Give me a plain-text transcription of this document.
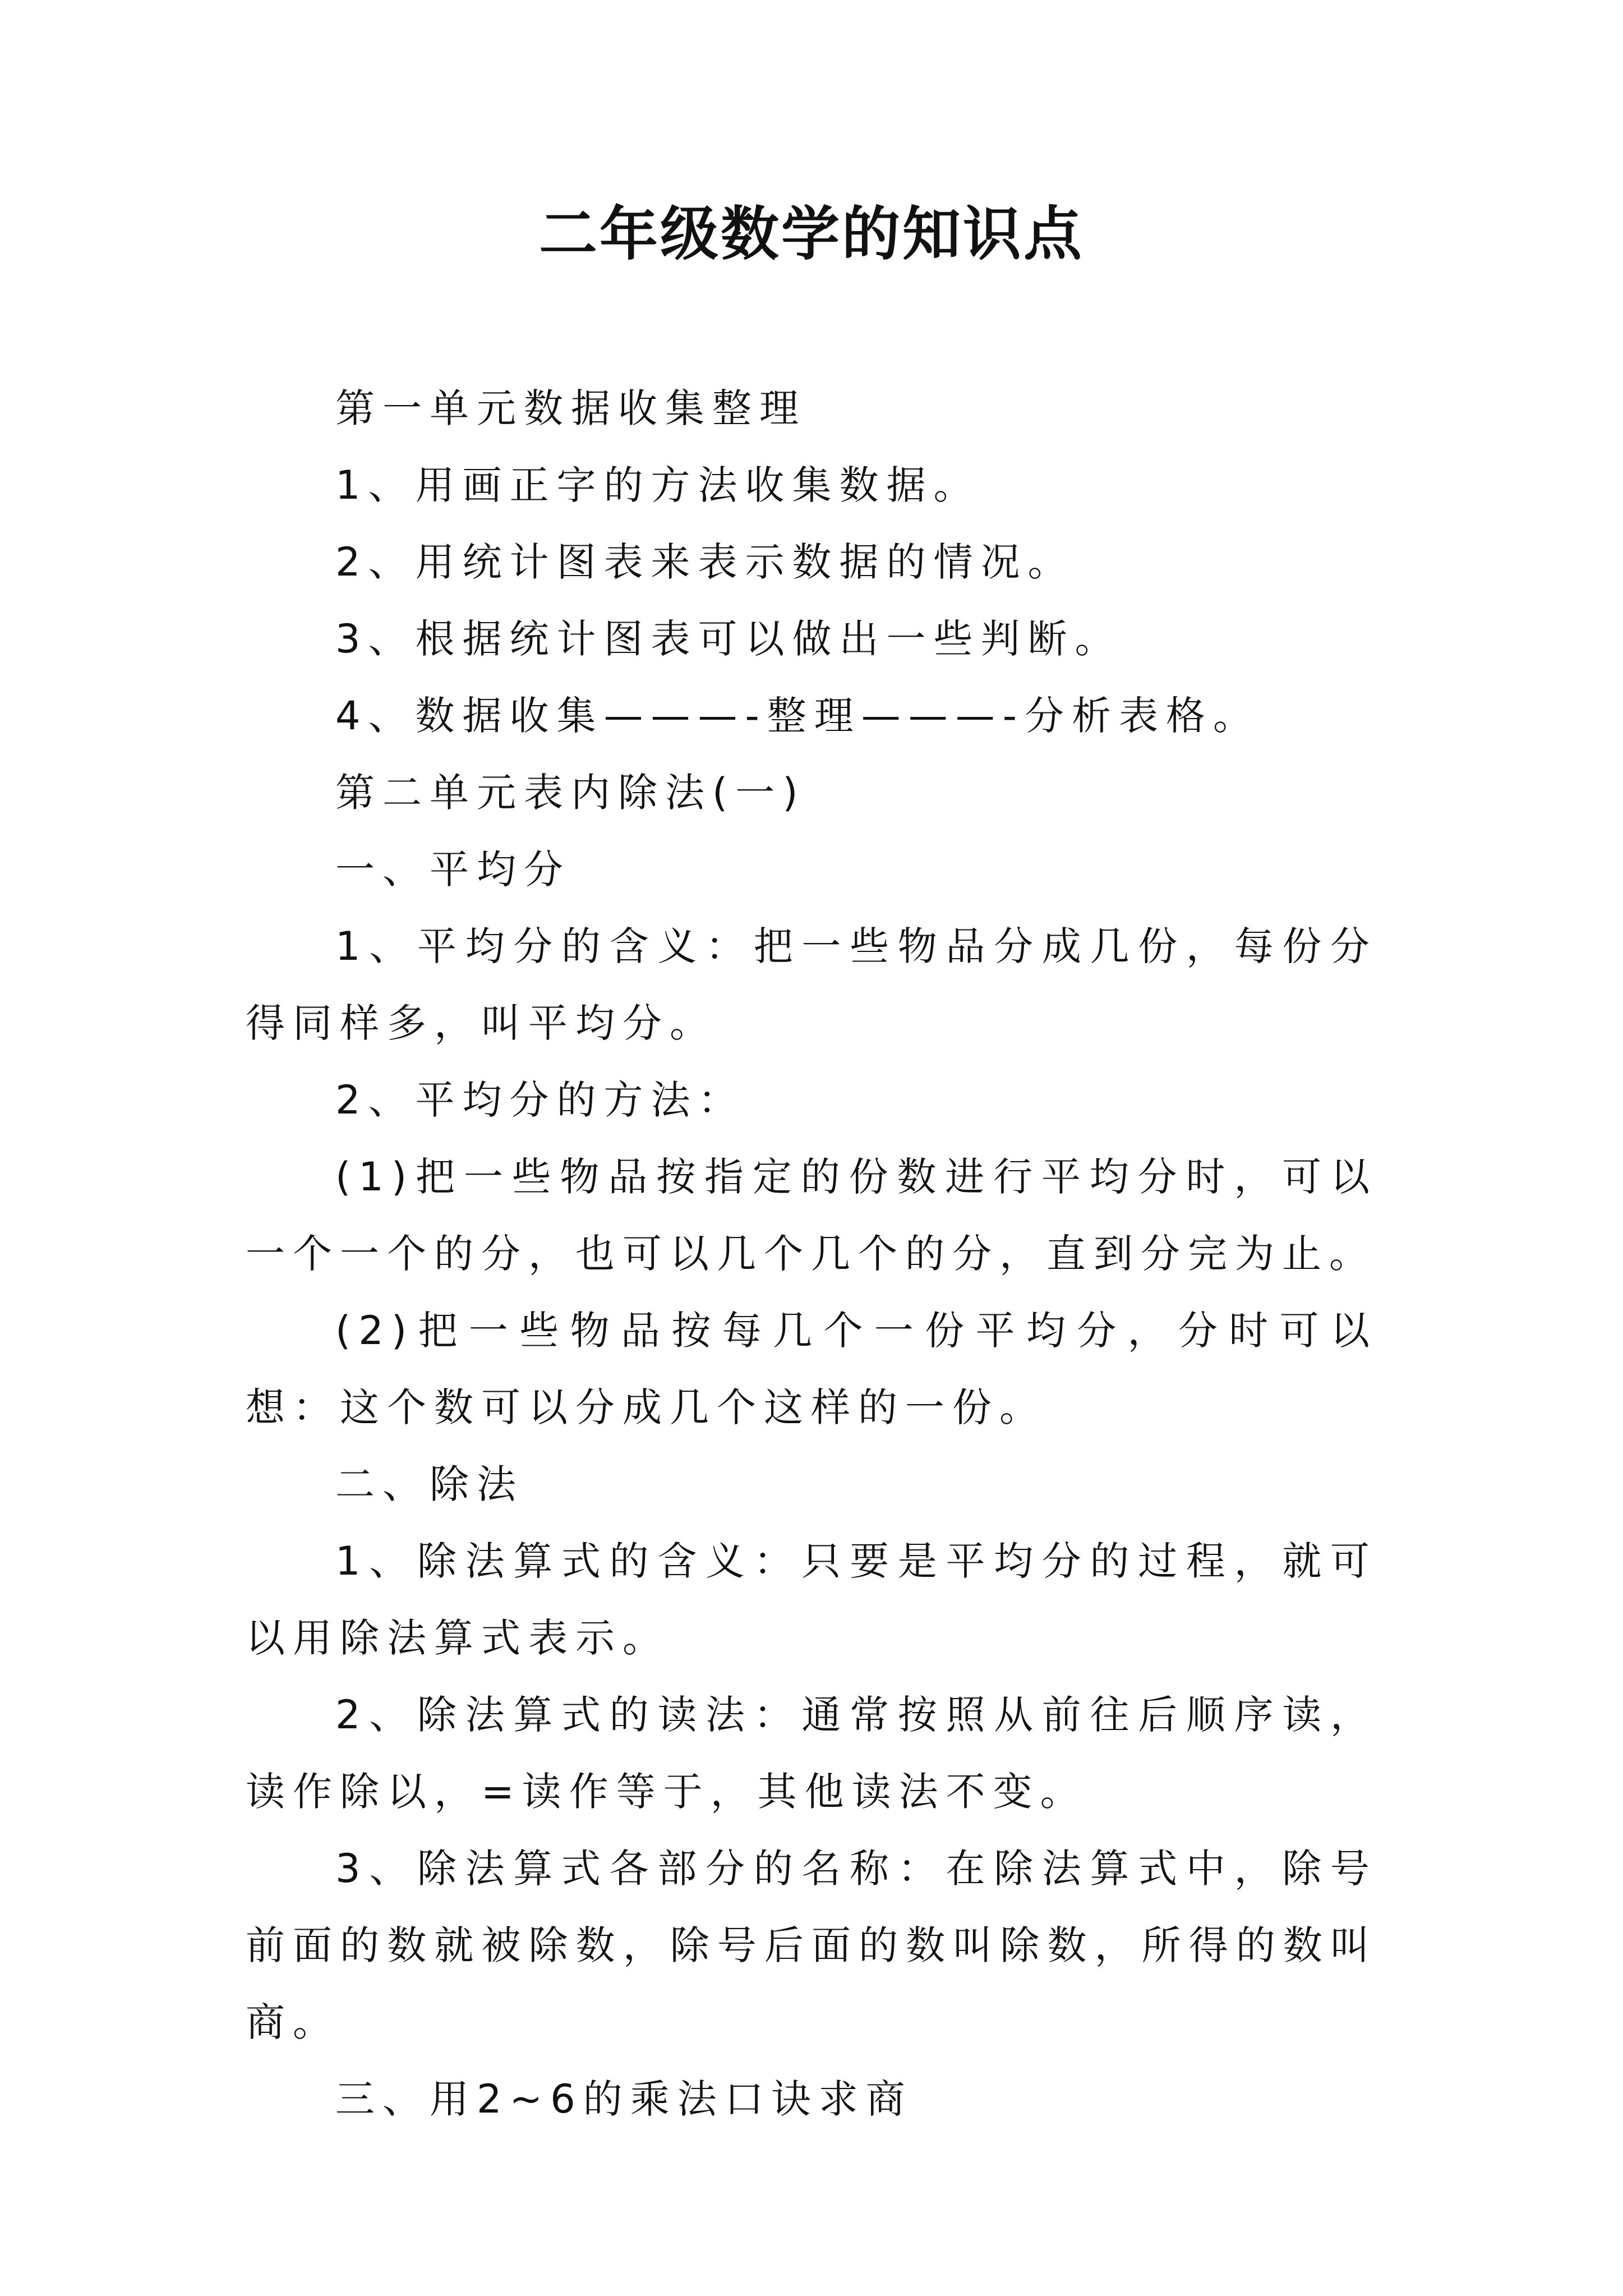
二年级数学的知识点

第一单元数据收集整理

1、用画正字的方法收集数据。

2、用统计图表来表示数据的情况。

3、根据统计图表可以做出一些判断。

4、数据收集———-整理———-分析表格。

第二单元表内除法(一)

一、平均分

1、平均分的含义：把一些物品分成几份，每份分得同样多，叫平均分。

2、平均分的方法：

(1)把一些物品按指定的份数进行平均分时，可以一个一个的分，也可以几个几个的分，直到分完为止。

(2)把一些物品按每几个一份平均分，分时可以想：这个数可以分成几个这样的一份。

二、除法

1、除法算式的含义：只要是平均分的过程，就可以用除法算式表示。

2、除法算式的读法：通常按照从前往后顺序读，读作除以，=读作等于，其他读法不变。

3、除法算式各部分的名称：在除法算式中，除号前面的数就被除数，除号后面的数叫除数，所得的数叫商。

三、用2~6的乘法口诀求商
